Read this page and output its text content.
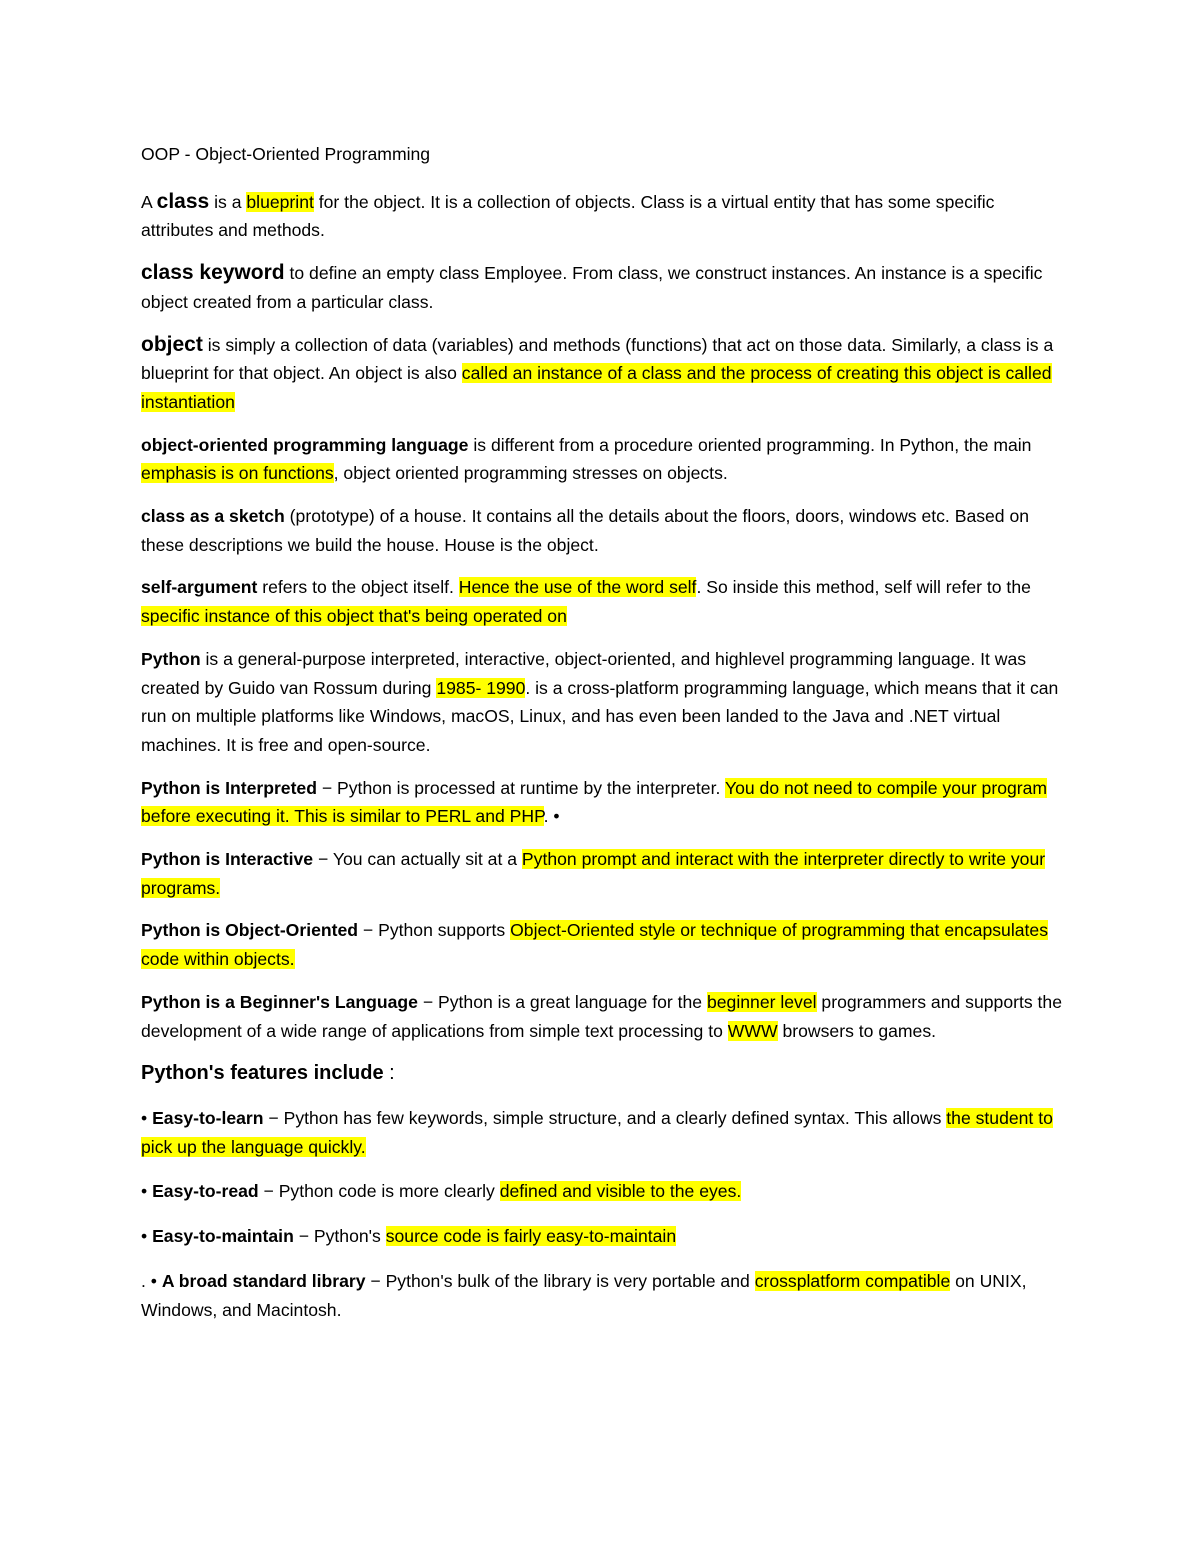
OOP - Object-Oriented Programming

A class is a blueprint for the object. It is a collection of objects. Class is a virtual entity that has some specific attributes and methods.

class keyword to define an empty class Employee. From class, we construct instances. An instance is a specific object created from a particular class.

object is simply a collection of data (variables) and methods (functions) that act on those data. Similarly, a class is a blueprint for that object. An object is also called an instance of a class and the process of creating this object is called instantiation

object-oriented programming language is different from a procedure oriented programming. In Python, the main emphasis is on functions, object oriented programming stresses on objects.

class as a sketch (prototype) of a house. It contains all the details about the floors, doors, windows etc. Based on these descriptions we build the house. House is the object.

self-argument refers to the object itself. Hence the use of the word self. So inside this method, self will refer to the specific instance of this object that's being operated on

Python is a general-purpose interpreted, interactive, object-oriented, and highlevel programming language. It was created by Guido van Rossum during 1985- 1990. is a cross-platform programming language, which means that it can run on multiple platforms like Windows, macOS, Linux, and has even been landed to the Java and .NET virtual machines. It is free and open-source.

Python is Interpreted − Python is processed at runtime by the interpreter. You do not need to compile your program before executing it. This is similar to PERL and PHP. •

Python is Interactive − You can actually sit at a Python prompt and interact with the interpreter directly to write your programs.

Python is Object-Oriented − Python supports Object-Oriented style or technique of programming that encapsulates code within objects.

Python is a Beginner's Language − Python is a great language for the beginner level programmers and supports the development of a wide range of applications from simple text processing to WWW browsers to games.

Python's features include :

• Easy-to-learn − Python has few keywords, simple structure, and a clearly defined syntax. This allows the student to pick up the language quickly.

• Easy-to-read − Python code is more clearly defined and visible to the eyes.

• Easy-to-maintain − Python's source code is fairly easy-to-maintain

. • A broad standard library − Python's bulk of the library is very portable and crossplatform compatible on UNIX, Windows, and Macintosh.
